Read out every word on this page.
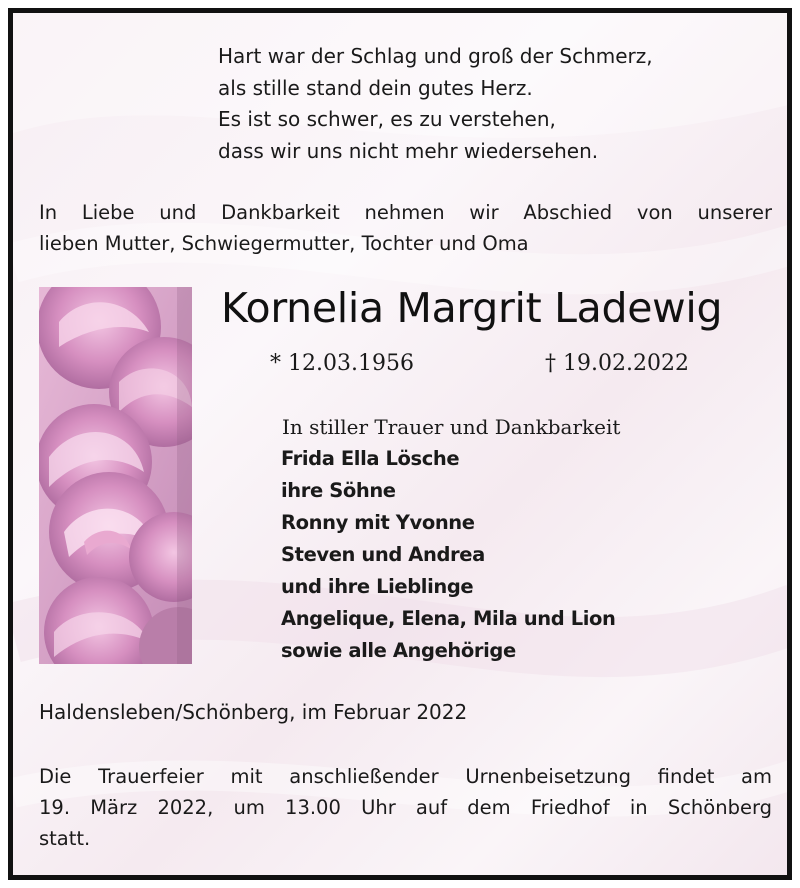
Hart war der Schlag und groß der Schmerz,
als stille stand dein gutes Herz.
Es ist so schwer, es zu verstehen,
dass wir uns nicht mehr wiedersehen.
In Liebe und Dankbarkeit nehmen wir Abschied von unserer
lieben Mutter, Schwiegermutter, Tochter und Oma
Kornelia Margrit Ladewig
* 12.03.1956	† 19.02.2022
In stiller Trauer und Dankbarkeit
Frida Ella Lösche
ihre Söhne
Ronny mit Yvonne
Steven und Andrea
und ihre Lieblinge
Angelique, Elena, Mila und Lion
sowie alle Angehörige
Haldensleben/Schönberg, im Februar 2022
Die Trauerfeier mit anschließender Urnenbeisetzung findet am
19. März 2022, um 13.00 Uhr auf dem Friedhof in Schönberg
statt.
